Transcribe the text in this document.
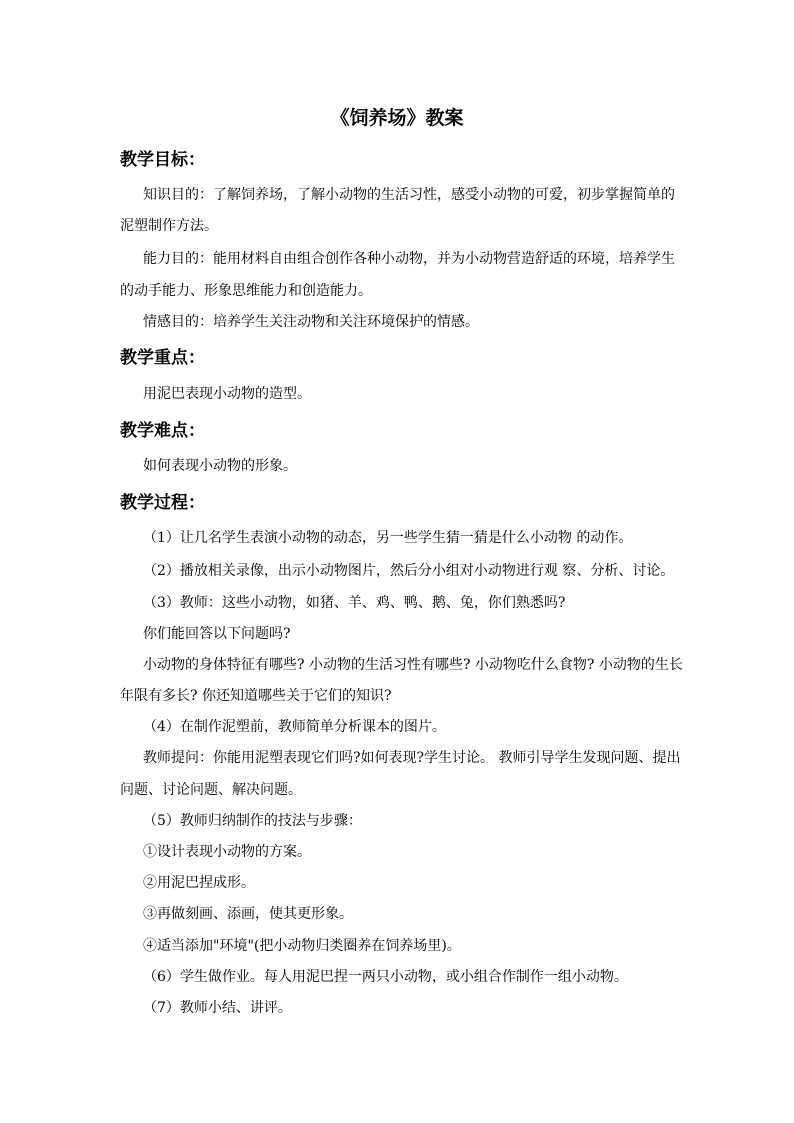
《饲养场》教案
教学目标：
知识目的：了解饲养场，了解小动物的生活习性，感受小动物的可爱，初步掌握简单的
泥塑制作方法。
能力目的：能用材料自由组合创作各种小动物，并为小动物营造舒适的环境，培养学生
的动手能力、形象思维能力和创造能力。
情感目的：培养学生关注动物和关注环境保护的情感。
教学重点：
用泥巴表现小动物的造型。
教学难点：
如何表现小动物的形象。
教学过程：
（1）让几名学生表演小动物的动态，另一些学生猜一猜是什么小动物 的动作。
（2）播放相关录像，出示小动物图片，然后分小组对小动物进行观 察、分析、讨论。
（3）教师：这些小动物，如猪、羊、鸡、鸭、鹅、兔，你们熟悉吗?
你们能回答以下问题吗?
小动物的身体特征有哪些? 小动物的生活习性有哪些? 小动物吃什么食物? 小动物的生长
年限有多长? 你还知道哪些关于它们的知识?
（4）在制作泥塑前，教师简单分析课本的图片。
教师提问：你能用泥塑表现它们吗?如何表现?学生讨论。 教师引导学生发现问题、提出
问题、讨论问题、解决问题。
（5）教师归纳制作的技法与步骤：
①设计表现小动物的方案。
②用泥巴捏成形。
③再做刻画、添画，使其更形象。
④适当添加"环境"(把小动物归类圈养在饲养场里)。
（6）学生做作业。每人用泥巴捏一两只小动物，或小组合作制作一组小动物。
（7）教师小结、讲评。
